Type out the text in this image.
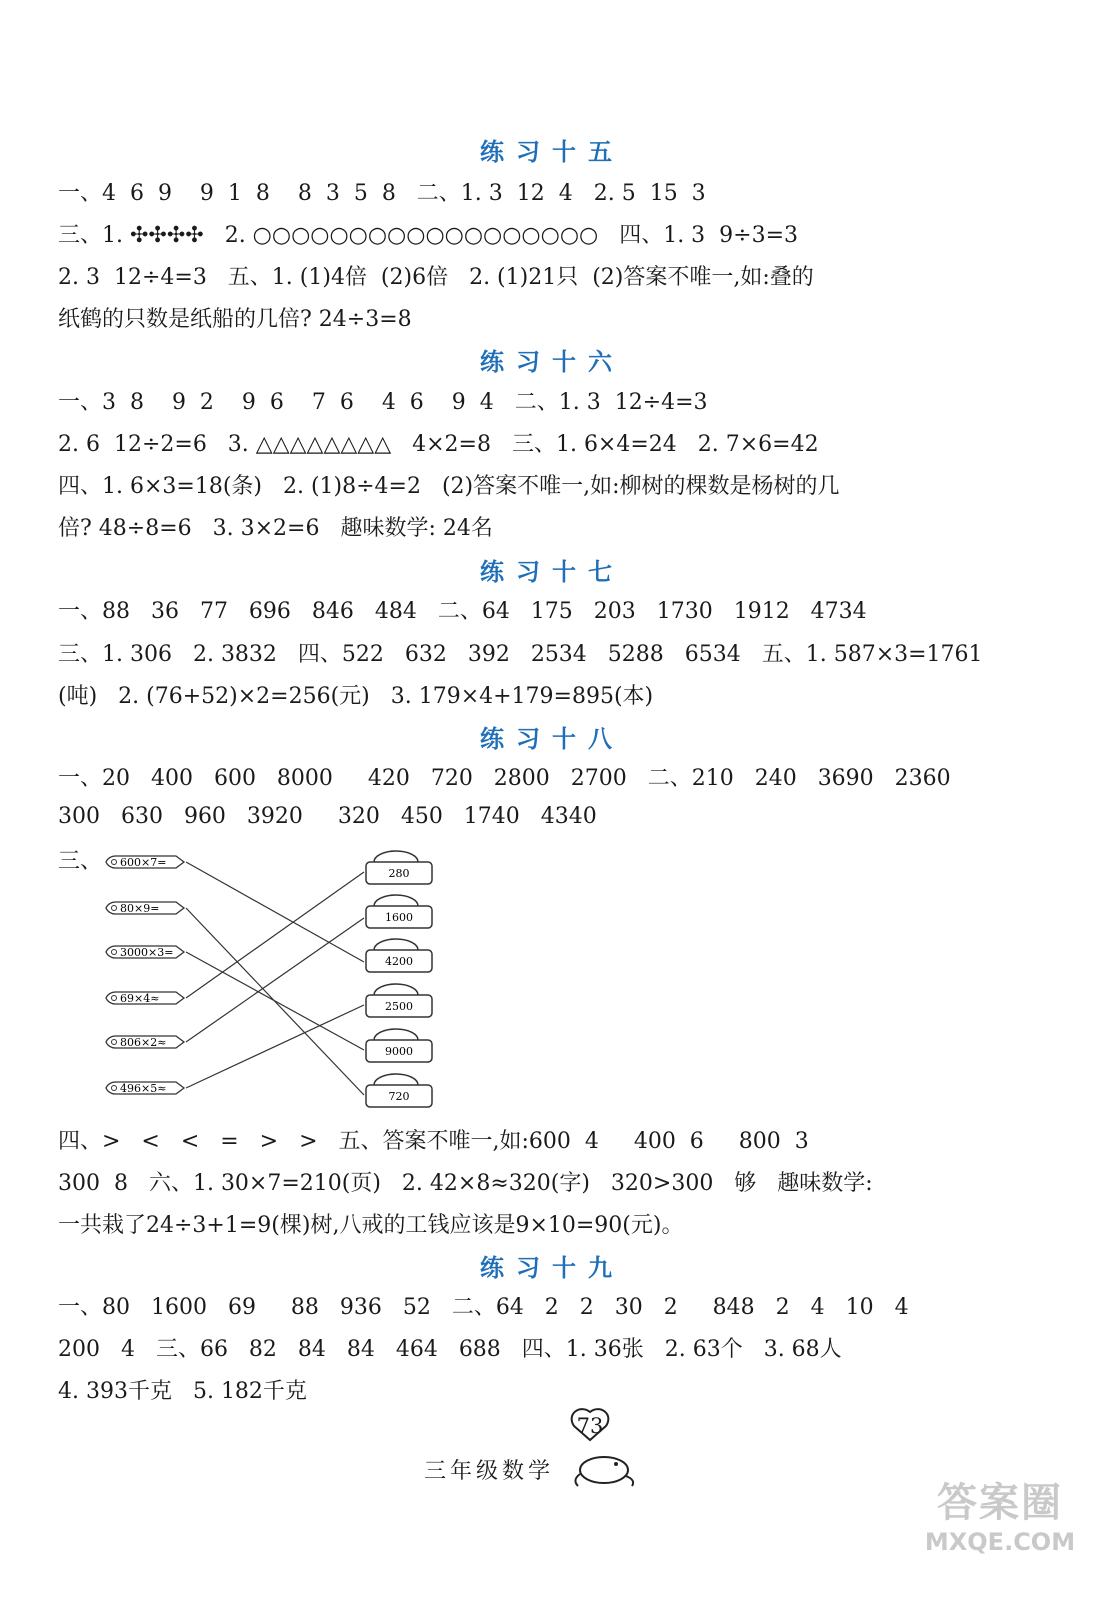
练习十五
一、4  6  9    9  1  8    8  3  5  8   二、1. 3  12  4   2. 5  15  3
三、1. ✣✣✣✣   2. ○○○○○○○○○○○○○○○○○○   四、1. 3  9÷3=3
2. 3  12÷4=3   五、1. (1)4倍  (2)6倍   2. (1)21只  (2)答案不唯一,如:叠的
纸鹤的只数是纸船的几倍? 24÷3=8
练习十六
一、3  8    9  2    9  6    7  6    4  6    9  4   二、1. 3  12÷4=3
2. 6  12÷2=6   3. △△△△△△△△   4×2=8   三、1. 6×4=24   2. 7×6=42
四、1. 6×3=18(条)   2. (1)8÷4=2   (2)答案不唯一,如:柳树的棵数是杨树的几
倍? 48÷8=6   3. 3×2=6   趣味数学: 24名
练习十七
一、88   36   77   696   846   484   二、64   175   203   1730   1912   4734
三、1. 306   2. 3832   四、522   632   392   2534   5288   6534   五、1. 587×3=1761
(吨)   2. (76+52)×2=256(元)   3. 179×4+179=895(本)
练习十八
一、20   400   600   8000     420   720   2800   2700   二、210   240   3690   2360
300   630   960   3920     320   450   1740   4340
三、 600×7=
80×9=
3000×3=
69×4≈
806×2≈
496×5≈
280
1600
4200
2500
9000
720
四、>   <   <   =   >   >   五、答案不唯一,如:600  4     400  6     800  3
300  8   六、1. 30×7=210(页)   2. 42×8≈320(字)   320>300   够   趣味数学:
一共栽了24÷3+1=9(棵)树,八戒的工钱应该是9×10=90(元)。
练习十九
一、80   1600   69     88   936   52   二、64   2   2   30   2     848   2   4   10   4
200   4   三、66   82   84   84   464   688   四、1. 36张   2. 63个   3. 68人
4. 393千克   5. 182千克
73
三年级数学
答案圈
MXQE.COM
